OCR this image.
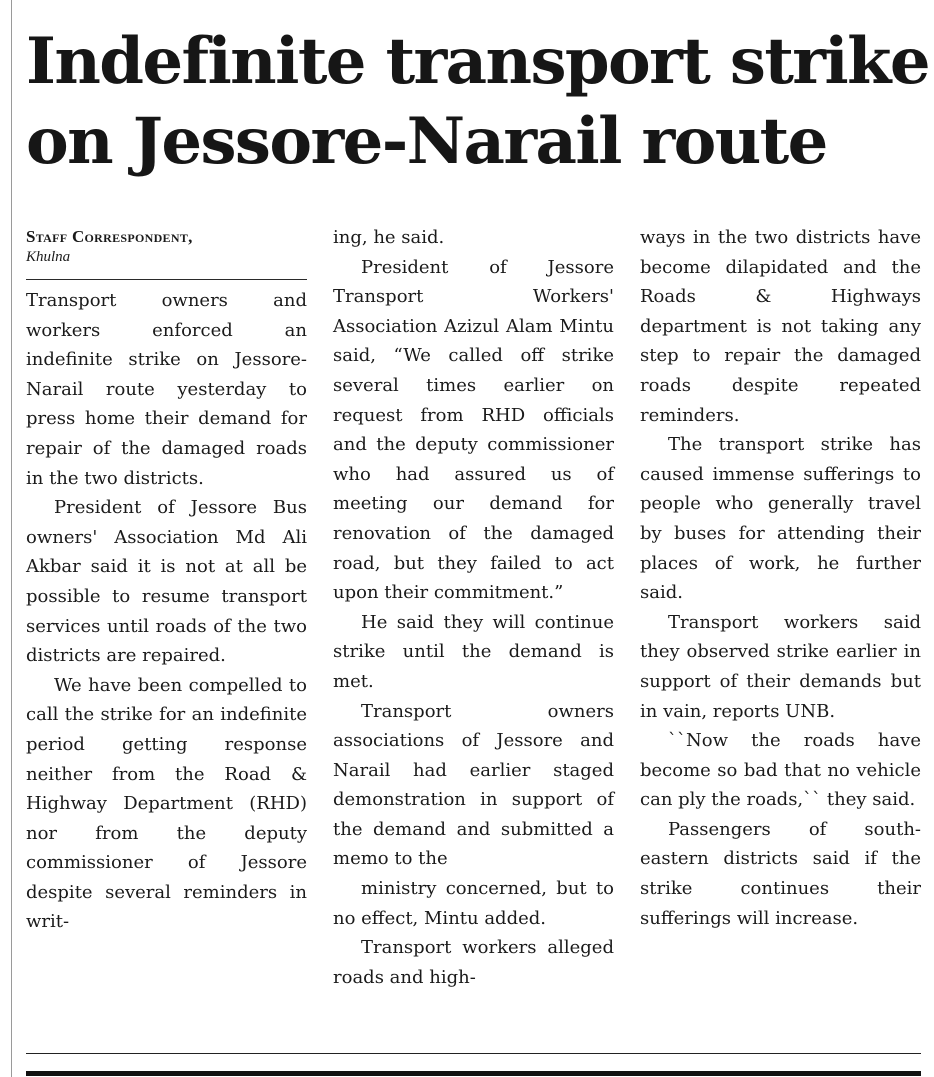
Indefinite transport strike
on Jessore-Narail route
Staff Correspondent,
Khulna

Transport owners and workers enforced an indefinite strike on Jessore-Narail route yesterday to press home their demand for repair of the damaged roads in the two districts.

President of Jessore Bus owners' Association Md Ali Akbar said it is not at all be possible to resume transport services until roads of the two districts are repaired.

We have been compelled to call the strike for an indefinite period getting response neither from the Road & Highway Department (RHD) nor from the deputy commissioner of Jessore despite several reminders in writ-

ing, he said.

President of Jessore Transport Workers' Association Azizul Alam Mintu said, “We called off strike several times earlier on request from RHD officials and the deputy commissioner who had assured us of meeting our demand for renovation of the damaged road, but they failed to act upon their commitment.”

He said they will continue strike until the demand is met.

Transport owners associations of Jessore and Narail had earlier staged demonstration in support of the demand and submitted a memo to the

ministry concerned, but to no effect, Mintu added.

Transport workers alleged roads and high-

ways in the two districts have become dilapidated and the Roads & Highways department is not taking any step to repair the damaged roads despite repeated reminders.

The transport strike has caused immense sufferings to people who generally travel by buses for attending their places of work, he further said.

Transport workers said they observed strike earlier in support of their demands but in vain, reports UNB.

``Now the roads have become so bad that no vehicle can ply the roads,`` they said.

Passengers of south-eastern districts said if the strike continues their sufferings will increase.
